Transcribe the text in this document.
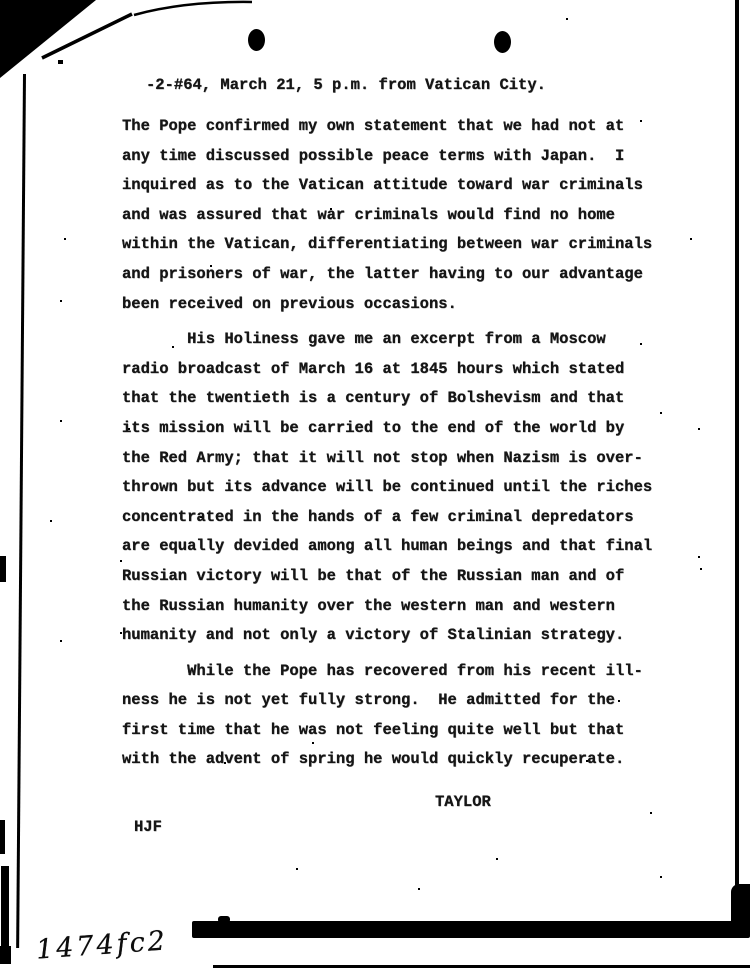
-2-#64, March 21, 5 p.m. from Vatican City.
The Pope confirmed my own statement that we had not at
any time discussed possible peace terms with Japan.  I
inquired as to the Vatican attitude toward war criminals
and was assured that war criminals would find no home
within the Vatican, differentiating between war criminals
and prisoners of war, the latter having to our advantage
been received on previous occasions.
His Holiness gave me an excerpt from a Moscow
radio broadcast of March 16 at 1845 hours which stated
that the twentieth is a century of Bolshevism and that
its mission will be carried to the end of the world by
the Red Army; that it will not stop when Nazism is over-
thrown but its advance will be continued until the riches
concentrated in the hands of a few criminal depredators
are equally devided among all human beings and that final
Russian victory will be that of the Russian man and of
the Russian humanity over the western man and western
humanity and not only a victory of Stalinian strategy.
While the Pope has recovered from his recent ill-
ness he is not yet fully strong.  He admitted for the
first time that he was not feeling quite well but that
with the advent of spring he would quickly recuperate.
TAYLOR
HJF
1474fc2
